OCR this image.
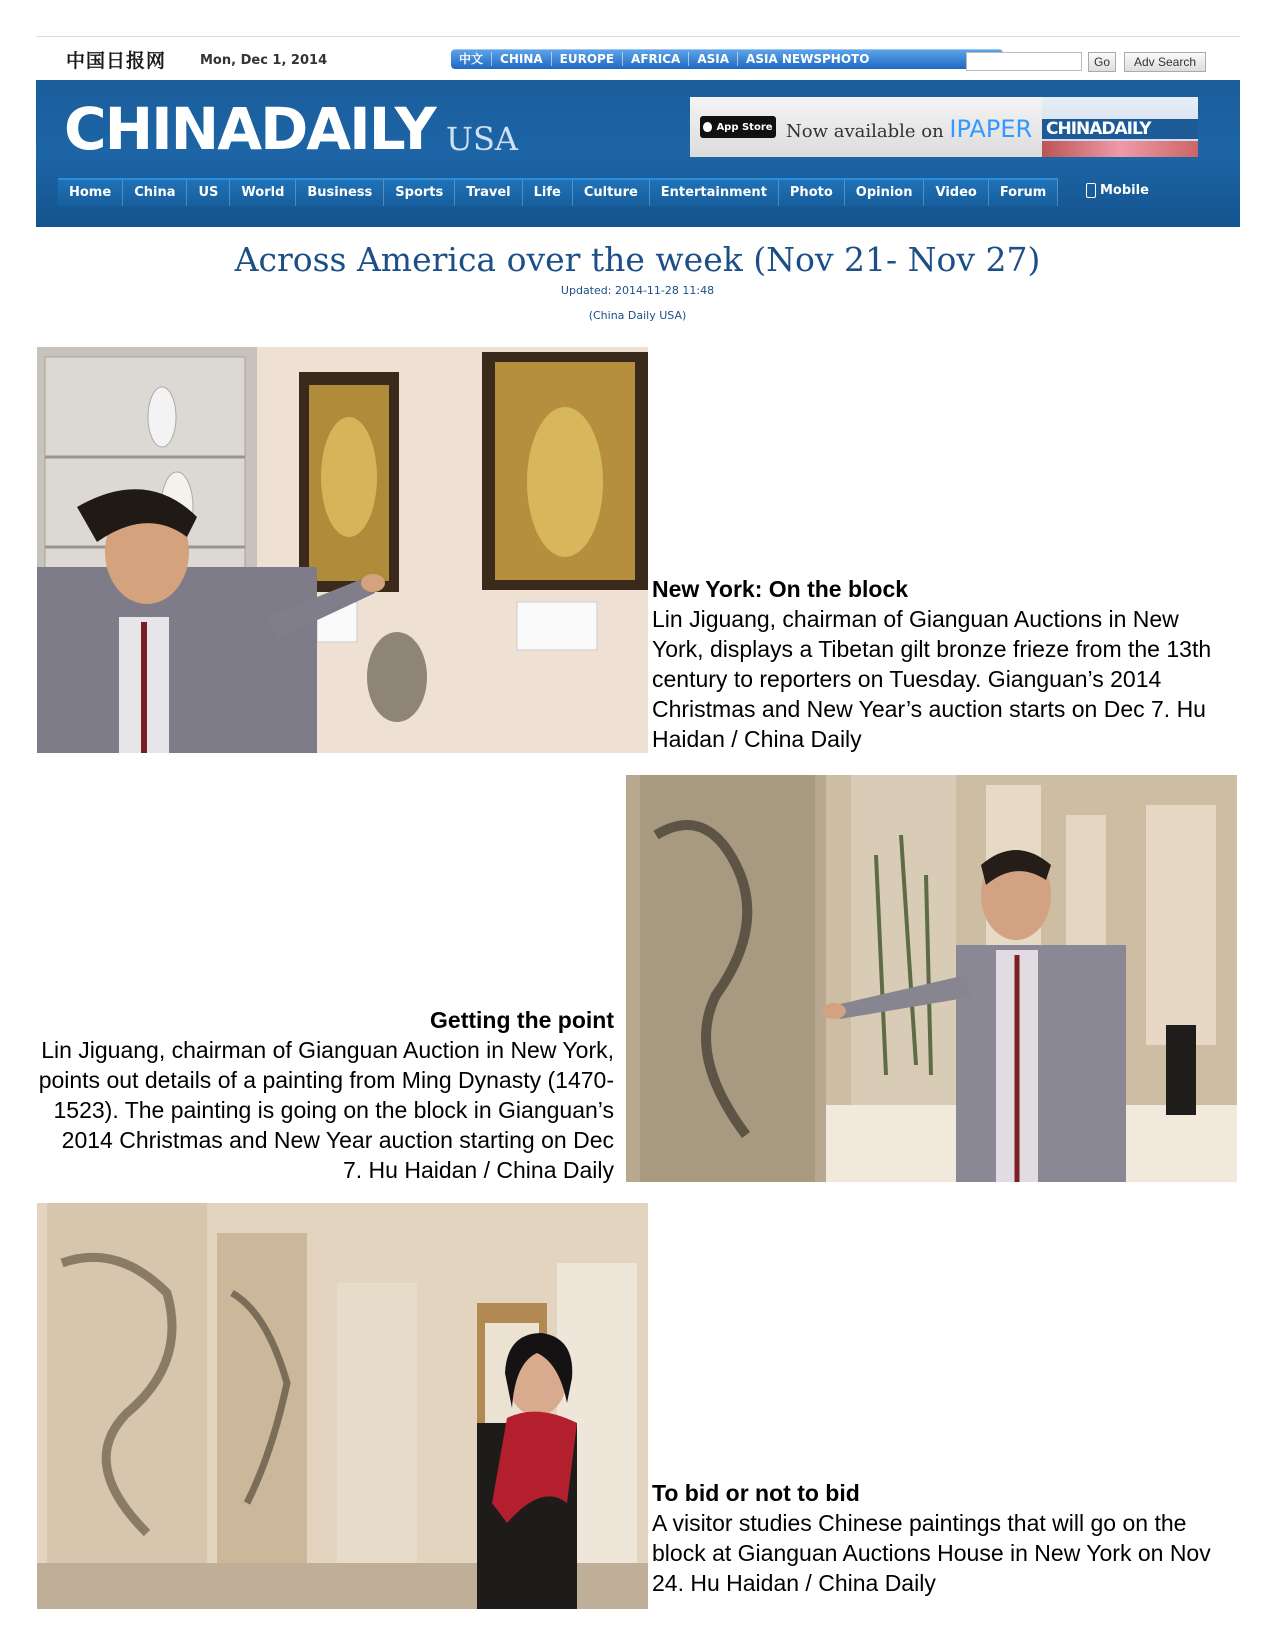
中国日报网	Mon, Dec 1, 2014	中文	CHINA	EUROPE	AFRICA	ASIA	ASIA NEWSPHOTO	Go	Adv Search
CHINADAILY USA	App Store Now available on IPAPER CHINADAILY
Home	China	US	World	Business	Sports	Travel	Life	Culture	Entertainment	Photo	Opinion	Video	Forum	Mobile
Across America over the week (Nov 21- Nov 27)
Updated: 2014-11-28 11:48
(China Daily USA)
New York: On the block
Lin Jiguang, chairman of Gianguan Auctions in New York, displays a Tibetan gilt bronze frieze from the 13th century to reporters on Tuesday. Gianguan’s 2014 Christmas and New Year’s auction starts on Dec 7. Hu Haidan / China Daily
Getting the point
Lin Jiguang, chairman of Gianguan Auction in New York, points out details of a painting from Ming Dynasty (1470-1523). The painting is going on the block in Gianguan’s 2014 Christmas and New Year auction starting on Dec 7. Hu Haidan / China Daily
To bid or not to bid
A visitor studies Chinese paintings that will go on the block at Gianguan Auctions House in New York on Nov 24. Hu Haidan / China Daily
